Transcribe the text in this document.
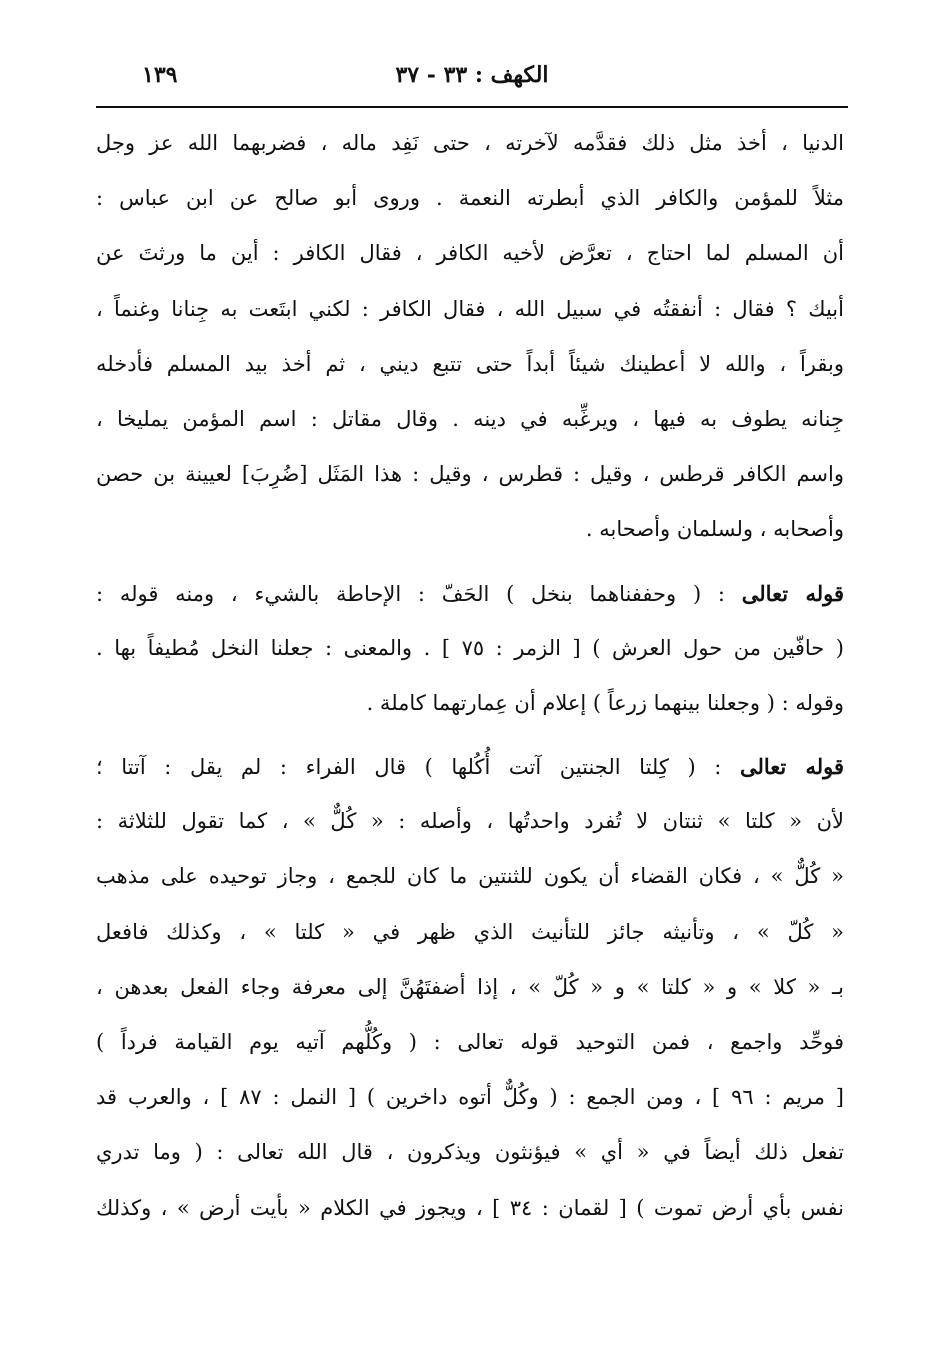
١٣٩	الكهف : ٣٣ - ٣٧
الدنيا ، أخذ مثل ذلك فقدَّمه لآخرته ، حتى نَفِد ماله ، فضربهما الله عز وجل
مثلاً للمؤمن والكافر الذي أبطرته النعمة . وروى أبو صالح عن ابن عباس :
أن المسلم لما احتاج ، تعرَّض لأخيه الكافر ، فقال الكافر : أين ما ورثتَ عن
أبيك ؟ فقال : أنفقتُه في سبيل الله ، فقال الكافر : لكني ابتَعت به جِنانا وغنماً ،
وبقراً ، والله لا أعطينك شيئاً أبداً حتى تتبع ديني ، ثم أخذ بيد المسلم فأدخله
جِنانه يطوف به فيها ، ويرغِّبه في دينه . وقال مقاتل : اسم المؤمن يمليخا ،
واسم الكافر قرطس ، وقيل : قطرس ، وقيل : هذا المَثَل [ضُرِبَ] لعيينة بن حصن
وأصحابه ، ولسلمان وأصحابه .
قوله تعالى : ( وحففناهما بنخل ) الحَفّ : الإحاطة بالشيء ، ومنه قوله :
( حافّين من حول العرش ) [ الزمر : ٧٥ ] . والمعنى : جعلنا النخل مُطيفاً بها .
وقوله : ( وجعلنا بينهما زرعاً ) إعلام أن عِمارتهما كاملة .
قوله تعالى : ( كِلتا الجنتين آتت أُكُلها ) قال الفراء : لم يقل : آتتا ؛
لأن « كلتا » ثنتان لا تُفرد واحدتُها ، وأصله : « كُلٌّ » ، كما تقول للثلاثة :
« كُلٌّ » ، فكان القضاء أن يكون للثنتين ما كان للجمع ، وجاز توحيده على مذهب
« كُلّ » ، وتأنيثه جائز للتأنيث الذي ظهر في « كلتا » ، وكذلك فافعل
بـ « كلا » و « كلتا » و « كُلّ » ، إذا أضفتَهُنَّ إلى معرفة وجاء الفعل بعدهن ،
فوحِّد واجمع ، فمن التوحيد قوله تعالى : ( وكُلُّهم آتيه يوم القيامة فرداً )
[ مريم : ٩٦ ] ، ومن الجمع : ( وكُلٌّ أتوه داخرين ) [ النمل : ٨٧ ] ، والعرب قد
تفعل ذلك أيضاً في « أي » فيؤنثون ويذكرون ، قال الله تعالى : ( وما تدري
نفس بأي أرض تموت ) [ لقمان : ٣٤ ] ، ويجوز في الكلام « بأيت أرض » ، وكذلك
